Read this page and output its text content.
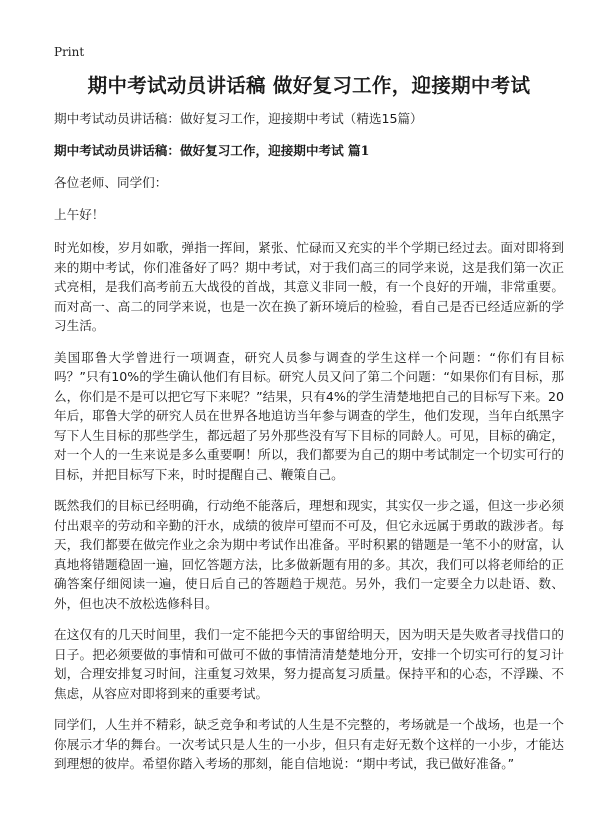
Print
期中考试动员讲话稿 做好复习工作，迎接期中考试
期中考试动员讲话稿：做好复习工作，迎接期中考试（精选15篇）
期中考试动员讲话稿：做好复习工作，迎接期中考试 篇1
各位老师、同学们：
上午好！

时光如梭，岁月如歌，弹指一挥间，紧张、忙碌而又充实的半个学期已经过去。面对即将到来的期中考试，你们准备好了吗？期中考试，对于我们高三的同学来说，这是我们第一次正式亮相，是我们高考前五大战役的首战，其意义非同一般，有一个良好的开端，非常重要。而对高一、高二的同学来说，也是一次在换了新环境后的检验，看自己是否已经适应新的学习生活。

美国耶鲁大学曾进行一项调查，研究人员参与调查的学生这样一个问题：“你们有目标吗？”只有10%的学生确认他们有目标。研究人员又问了第二个问题：“如果你们有目标，那么，你们是不是可以把它写下来呢？”结果，只有4%的学生清楚地把自己的目标写下来。20年后，耶鲁大学的研究人员在世界各地追访当年参与调查的学生，他们发现，当年白纸黑字写下人生目标的那些学生，都远超了另外那些没有写下目标的同龄人。可见，目标的确定，对一个人的一生来说是多么重要啊！所以，我们都要为自己的期中考试制定一个切实可行的目标，并把目标写下来，时时提醒自己、鞭策自己。

既然我们的目标已经明确，行动绝不能落后，理想和现实，其实仅一步之遥，但这一步必须付出艰辛的劳动和辛勤的汗水，成绩的彼岸可望而不可及，但它永远属于勇敢的跋涉者。每天，我们都要在做完作业之余为期中考试作出准备。平时积累的错题是一笔不小的财富，认真地将错题稳固一遍，回忆答题方法，比多做新题有用的多。其次，我们可以将老师给的正确答案仔细阅读一遍，使日后自己的答题趋于规范。另外，我们一定要全力以赴语、数、外，但也决不放松选修科目。

在这仅有的几天时间里，我们一定不能把今天的事留给明天，因为明天是失败者寻找借口的日子。把必须要做的事情和可做可不做的事情清清楚楚地分开，安排一个切实可行的复习计划，合理安排复习时间，注重复习效果，努力提高复习质量。保持平和的心态，不浮躁、不焦虑，从容应对即将到来的重要考试。

同学们，人生并不精彩，缺乏竞争和考试的人生是不完整的，考场就是一个战场，也是一个你展示才华的舞台。一次考试只是人生的一小步，但只有走好无数个这样的一小步，才能达到理想的彼岸。希望你踏入考场的那刻，能自信地说：“期中考试，我已做好准备。”
